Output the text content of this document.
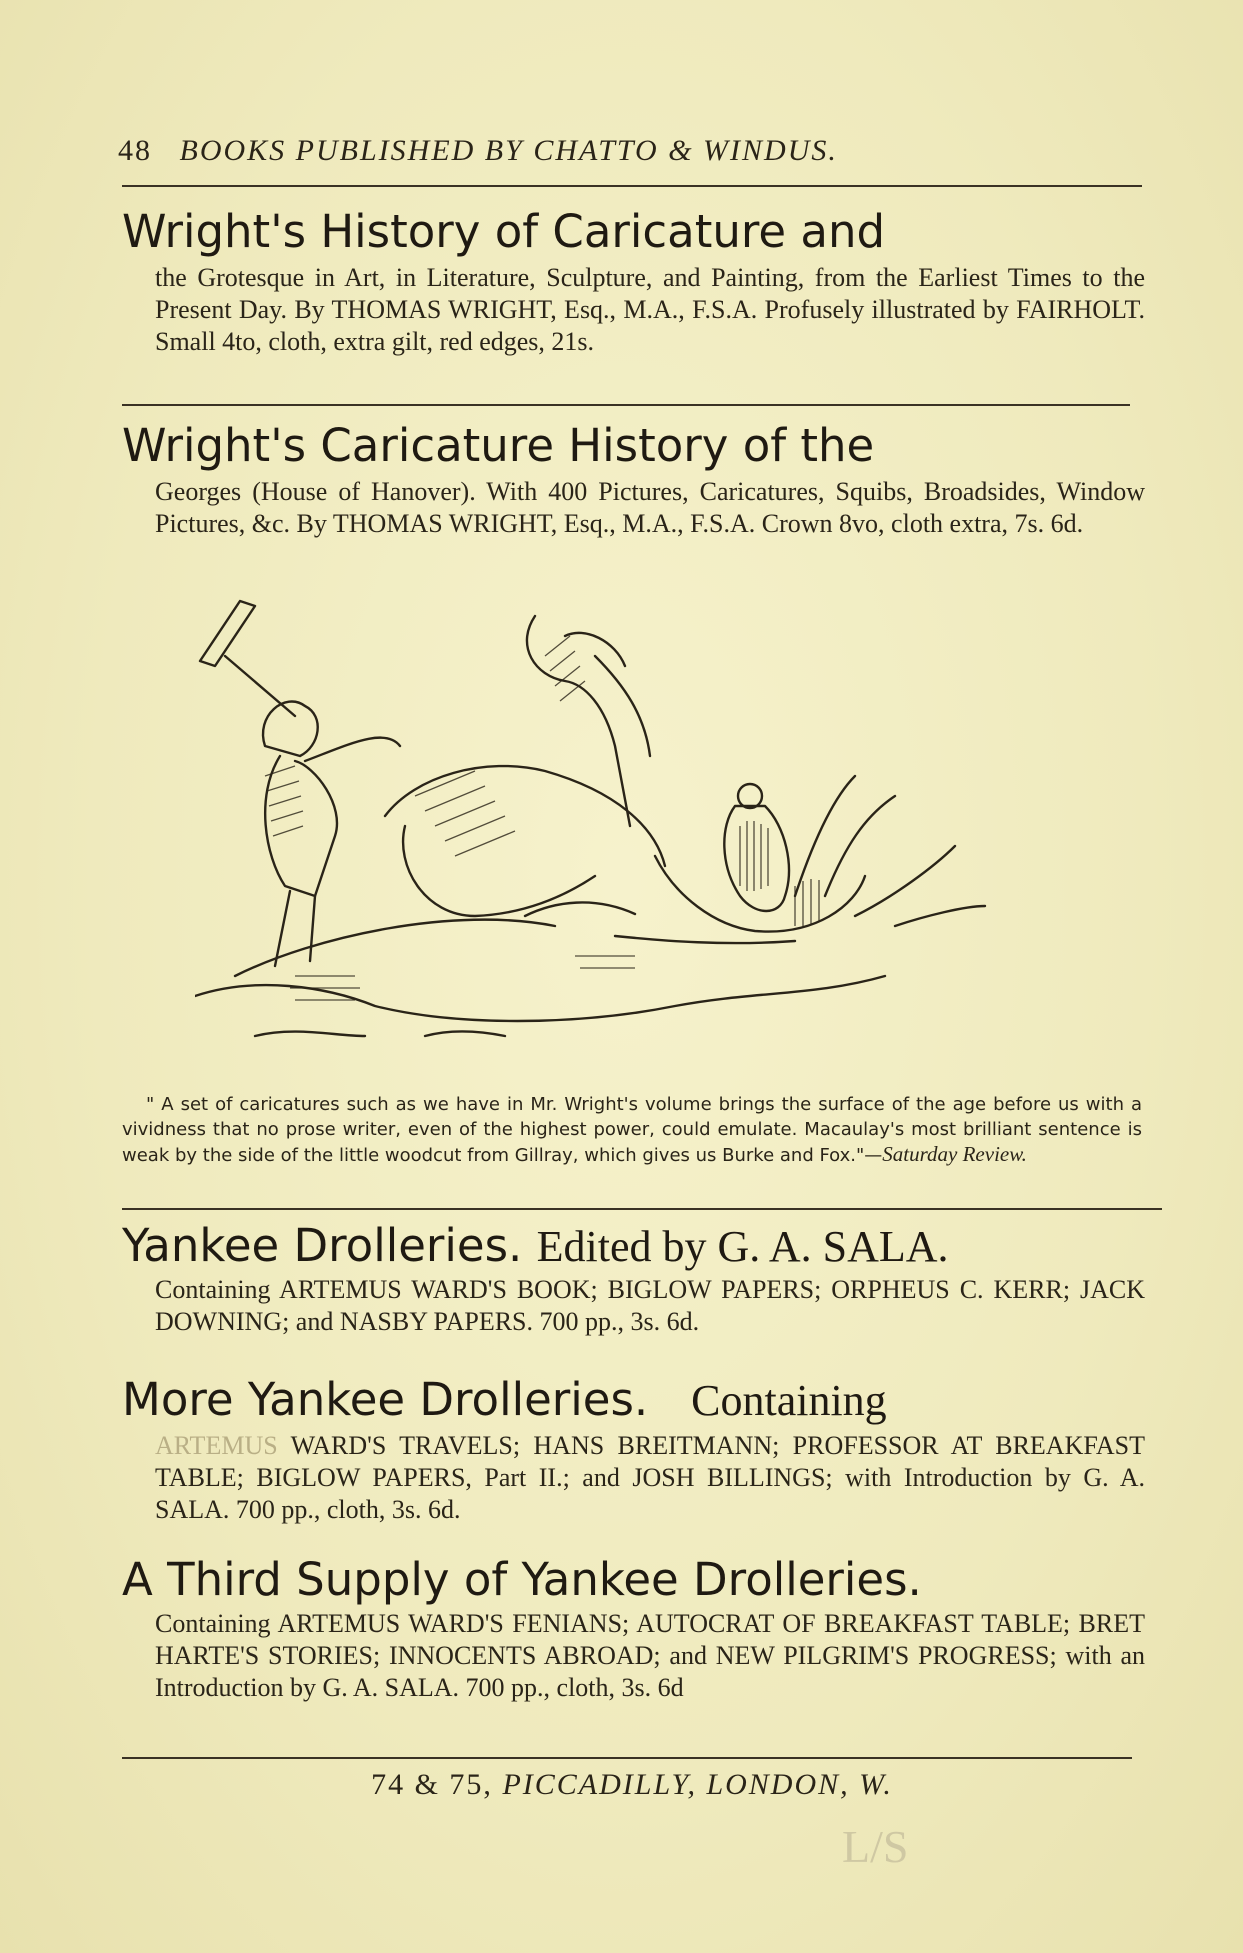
48 BOOKS PUBLISHED BY CHATTO & WINDUS.
Wright's History of Caricature and
the Grotesque in Art, in Literature, Sculpture, and Painting, from the Earliest Times to the Present Day. By THOMAS WRIGHT, Esq., M.A., F.S.A. Profusely illustrated by FAIRHOLT. Small 4to, cloth, extra gilt, red edges, 21s.
Wright's Caricature History of the
Georges (House of Hanover). With 400 Pictures, Caricatures, Squibs, Broadsides, Window Pictures, &c. By THOMAS WRIGHT, Esq., M.A., F.S.A. Crown 8vo, cloth extra, 7s. 6d.
" A set of caricatures such as we have in Mr. Wright's volume brings the surface of the age before us with a vividness that no prose writer, even of the highest power, could emulate. Macaulay's most brilliant sentence is weak by the side of the little woodcut from Gillray, which gives us Burke and Fox."—Saturday Review.
Yankee Drolleries. Edited by G. A. SALA.
Containing ARTEMUS WARD'S BOOK; BIGLOW PAPERS; ORPHEUS C. KERR; JACK DOWNING; and NASBY PAPERS. 700 pp., 3s. 6d.
More Yankee Drolleries. Containing
ARTEMUS WARD'S TRAVELS; HANS BREITMANN; PROFESSOR AT BREAKFAST TABLE; BIGLOW PAPERS, Part II.; and JOSH BILLINGS; with Introduction by G. A. SALA. 700 pp., cloth, 3s. 6d.
A Third Supply of Yankee Drolleries.
Containing ARTEMUS WARD'S FENIANS; AUTOCRAT OF BREAKFAST TABLE; BRET HARTE'S STORIES; INNOCENTS ABROAD; and NEW PILGRIM'S PROGRESS; with an Introduction by G. A. SALA. 700 pp., cloth, 3s. 6d
74 & 75, PICCADILLY, LONDON, W.
L/S
